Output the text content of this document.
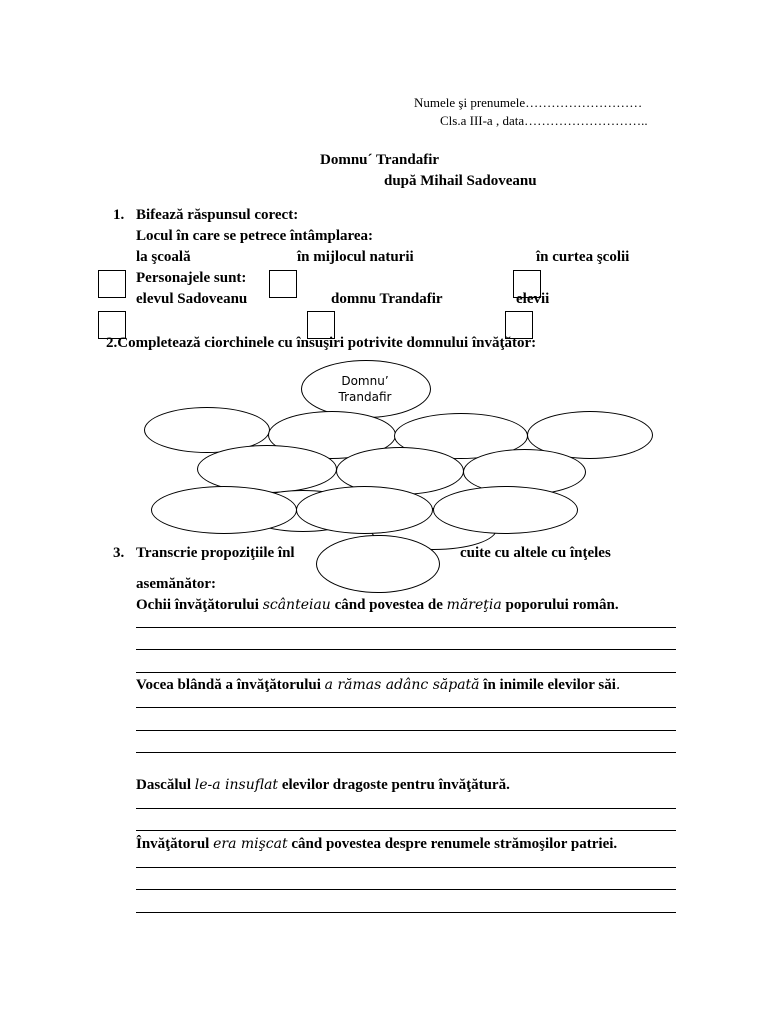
Numele şi prenumele………………………
Cls.a III-a , data………………………..
Domnu´ Trandafir
după Mihail Sadoveanu
1. Bifează răspunsul corect:
Locul în care se petrece întâmplarea:
la şcoală	în mijlocul naturii	în curtea şcolii
Personajele sunt:
elevul Sadoveanu	domnu Trandafir	elevii
2.Completează ciorchinele cu însuşiri potrivite domnului învăţător:
Domnu’
Trandafir
3. Transcrie propoziţiile înl	cuite cu altele cu înţeles
asemănător:
Ochii învăţătorului scânteiau când povestea de măreţia poporului român.
Vocea blândă a învăţătorului a rămas adânc săpată în inimile elevilor săi.
Dascălul le-a insuflat elevilor dragoste pentru învăţătură.
Învăţătorul era mişcat când povestea despre renumele strămoşilor patriei.
